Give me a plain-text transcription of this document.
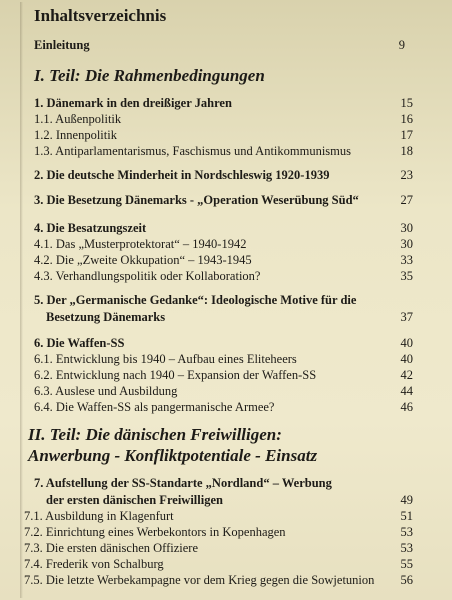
Inhaltsverzeichnis
Einleitung	9
I. Teil: Die Rahmenbedingungen
1. Dänemark in den dreißiger Jahren	15
1.1. Außenpolitik	16
1.2. Innenpolitik	17
1.3. Antiparlamentarismus, Faschismus und Antikommunismus	18
2. Die deutsche Minderheit in Nordschleswig 1920-1939	23
3. Die Besetzung Dänemarks - „Operation Weserübung Süd“	27
4. Die Besatzungszeit	30
4.1. Das „Musterprotektorat“ – 1940-1942	30
4.2. Die „Zweite Okkupation“ – 1943-1945	33
4.3. Verhandlungspolitik oder Kollaboration?	35
5. Der „Germanische Gedanke“: Ideologische Motive für die
Besetzung Dänemarks	37
6. Die Waffen-SS	40
6.1. Entwicklung bis 1940 – Aufbau eines Eliteheers	40
6.2. Entwicklung nach 1940 – Expansion der Waffen-SS	42
6.3. Auslese und Ausbildung	44
6.4. Die Waffen-SS als pangermanische Armee?	46
II. Teil: Die dänischen Freiwilligen:
Anwerbung - Konfliktpotentiale - Einsatz
7. Aufstellung der SS-Standarte „Nordland“ – Werbung
der ersten dänischen Freiwilligen	49
7.1. Ausbildung in Klagenfurt	51
7.2. Einrichtung eines Werbekontors in Kopenhagen	53
7.3. Die ersten dänischen Offiziere	53
7.4. Frederik von Schalburg	55
7.5. Die letzte Werbekampagne vor dem Krieg gegen die Sowjetunion 56
